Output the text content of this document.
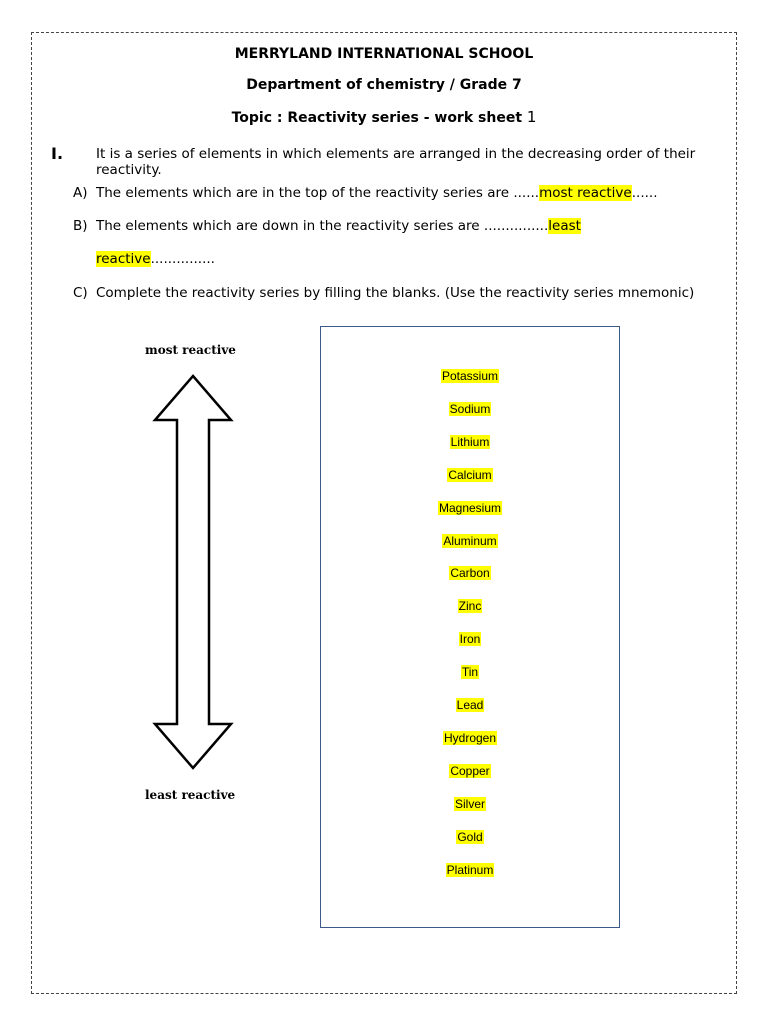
MERRYLAND INTERNATIONAL SCHOOL
Department of chemistry / Grade 7
Topic : Reactivity series - work sheet 1
I. It is a series of elements in which elements are arranged in the decreasing order of their reactivity.
A) The elements which are in the top of the reactivity series are ......most reactive......
B) The elements which are down in the reactivity series are ...............least
reactive...............
C) Complete the reactivity series by filling the blanks. (Use the reactivity series mnemonic)
most reactive
least reactive
Potassium
Sodium
Lithium
Calcium
Magnesium
Aluminum
Carbon
Zinc
Iron
Tin
Lead
Hydrogen
Copper
Silver
Gold
Platinum
